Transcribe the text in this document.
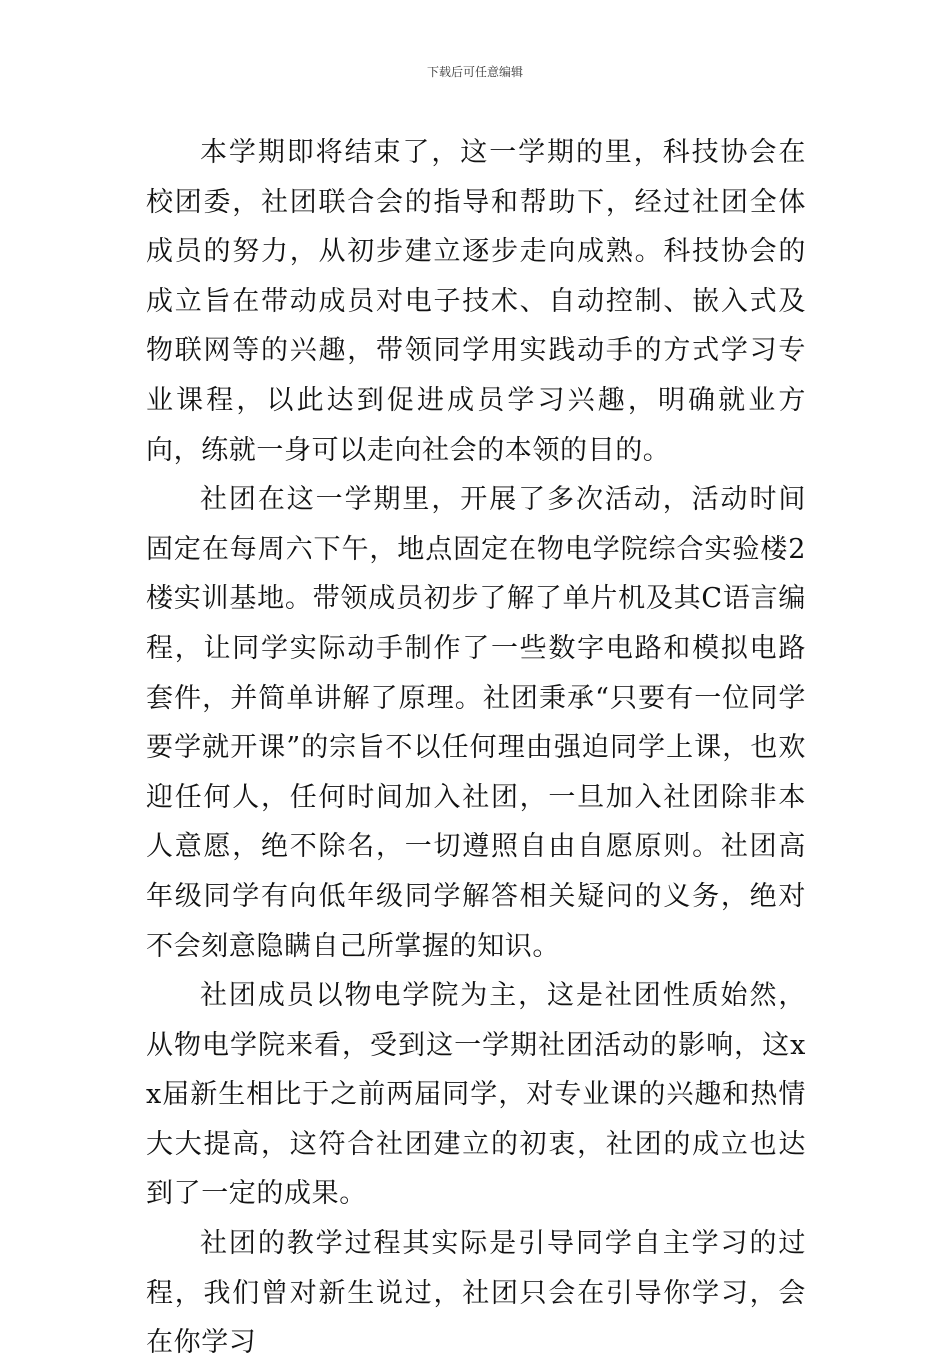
下载后可任意编辑

本学期即将结束了，这一学期的里，科技协会在校团委，社团联合会的指导和帮助下，经过社团全体成员的努力，从初步建立逐步走向成熟。科技协会的成立旨在带动成员对电子技术、自动控制、嵌入式及物联网等的兴趣，带领同学用实践动手的方式学习专业课程，以此达到促进成员学习兴趣，明确就业方向，练就一身可以走向社会的本领的目的。

社团在这一学期里，开展了多次活动，活动时间固定在每周六下午，地点固定在物电学院综合实验楼2楼实训基地。带领成员初步了解了单片机及其C语言编程，让同学实际动手制作了一些数字电路和模拟电路套件，并简单讲解了原理。社团秉承“只要有一位同学要学就开课”的宗旨不以任何理由强迫同学上课，也欢迎任何人，任何时间加入社团，一旦加入社团除非本人意愿，绝不除名，一切遵照自由自愿原则。社团高年级同学有向低年级同学解答相关疑问的义务，绝对不会刻意隐瞒自己所掌握的知识。

社团成员以物电学院为主，这是社团性质始然，从物电学院来看，受到这一学期社团活动的影响，这xx届新生相比于之前两届同学，对专业课的兴趣和热情大大提高，这符合社团建立的初衷，社团的成立也达到了一定的成果。

社团的教学过程其实际是引导同学自主学习的过程，我们曾对新生说过，社团只会在引导你学习，会在你学习
